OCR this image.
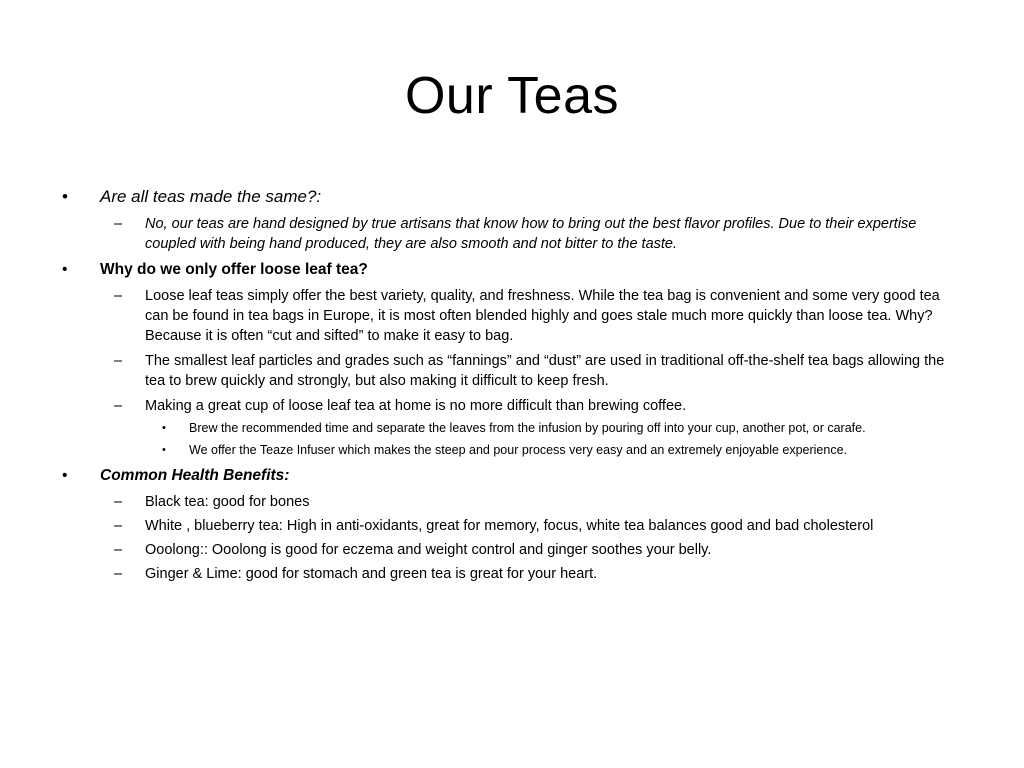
Our Teas
• Are all teas made the same?:
– No, our teas are hand designed by true artisans that know how to bring out the best flavor profiles. Due to their expertise coupled with being hand produced, they are also smooth and not bitter to the taste.
• Why do we only offer loose leaf tea?
– Loose leaf teas simply offer the best variety, quality, and freshness. While the tea bag is convenient and some very good tea can be found in tea bags in Europe, it is most often blended highly and goes stale much more quickly than loose tea. Why? Because it is often “cut and sifted” to make it easy to bag.
– The smallest leaf particles and grades such as “fannings” and “dust” are used in traditional off-the-shelf tea bags allowing the tea to brew quickly and strongly, but also making it difficult to keep fresh.
– Making a great cup of loose leaf tea at home is no more difficult than brewing coffee.
• Brew the recommended time and separate the leaves from the infusion by pouring off into your cup, another pot, or carafe.
• We offer the Teaze Infuser which makes the steep and pour process very easy and an extremely enjoyable experience.
• Common Health Benefits:
– Black tea: good for bones
– White , blueberry tea: High in anti-oxidants, great for memory, focus, white tea balances good and bad cholesterol
– Ooolong:: Ooolong is good for eczema and weight control and ginger soothes your belly.
– Ginger & Lime: good for stomach and green tea is great for your heart.
